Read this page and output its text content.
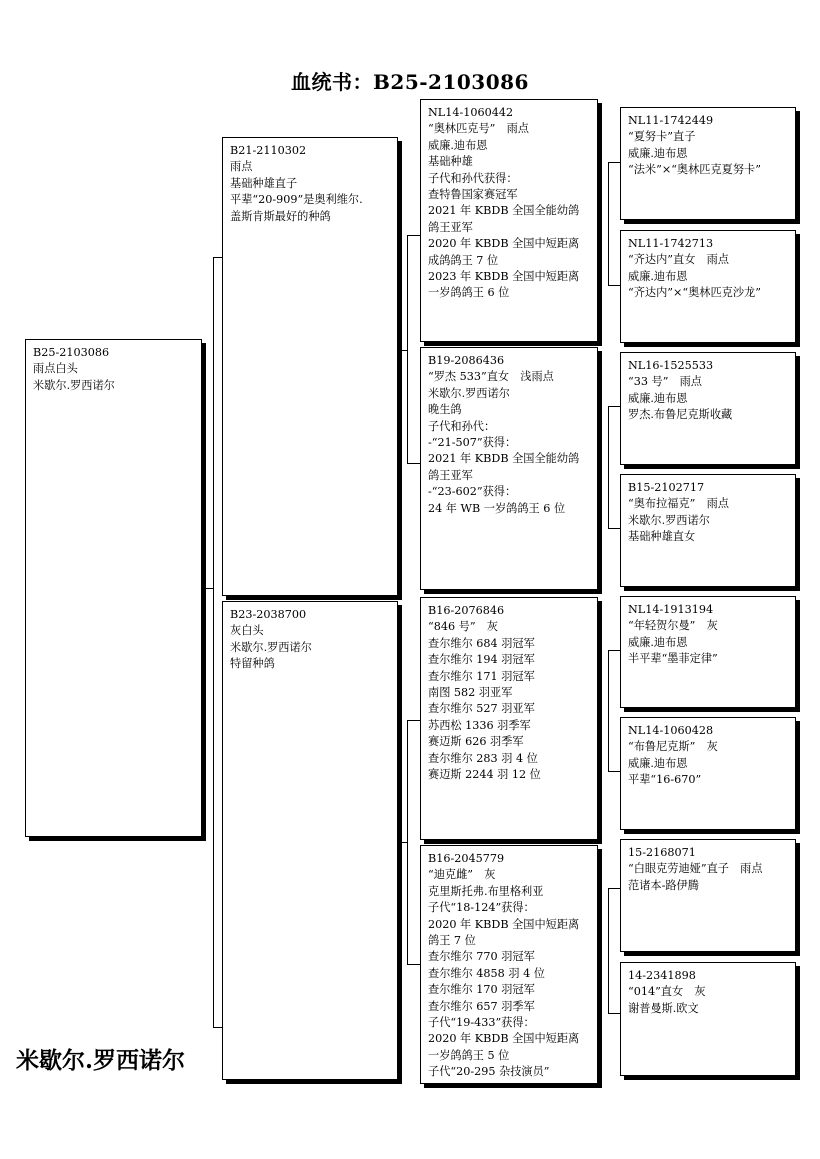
血统书：B25-2103086
B25-2103086
雨点白头
米歇尔.罗西诺尔
B21-2110302
雨点
基础种雄直子
平辈“20-909”是奥利维尔.
盖斯肯斯最好的种鸽
B23-2038700
灰白头
米歇尔.罗西诺尔
特留种鸽
NL14-1060442
“奥林匹克号”　雨点
威廉.迪布恩
基础种雄
子代和孙代获得：
查特鲁国家赛冠军
2021 年 KBDB 全国全能幼鸽
鸽王亚军
2020 年 KBDB 全国中短距离
成鸽鸽王 7 位
2023 年 KBDB 全国中短距离
一岁鸽鸽王 6 位
B19-2086436
“罗杰 533”直女　浅雨点
米歇尔.罗西诺尔
晚生鸽
子代和孙代：
-“21-507”获得：
2021 年 KBDB 全国全能幼鸽
鸽王亚军
-“23-602”获得：
24 年 WB 一岁鸽鸽王 6 位
B16-2076846
“846 号”　灰
查尔维尔 684 羽冠军
查尔维尔 194 羽冠军
查尔维尔 171 羽冠军
南图 582 羽亚军
查尔维尔 527 羽亚军
苏西松 1336 羽季军
赛迈斯 626 羽季军
查尔维尔 283 羽 4 位
赛迈斯 2244 羽 12 位
B16-2045779
“迪克雌”　灰
克里斯托弗.布里格利亚
子代“18-124”获得：
2020 年 KBDB 全国中短距离
鸽王 7 位
查尔维尔 770 羽冠军
查尔维尔 4858 羽 4 位
查尔维尔 170 羽冠军
查尔维尔 657 羽季军
子代“19-433”获得：
2020 年 KBDB 全国中短距离
一岁鸽鸽王 5 位
子代“20-295 杂技演员”
NL11-1742449
“夏努卡”直子
威廉.迪布恩
“法米”×“奥林匹克夏努卡”
NL11-1742713
“齐达内”直女　雨点
威廉.迪布恩
“齐达内”×“奥林匹克沙龙”
NL16-1525533
“33 号”　雨点
威廉.迪布恩
罗杰.布鲁尼克斯收藏
B15-2102717
“奥布拉福克”　雨点
米歇尔.罗西诺尔
基础种雄直女
NL14-1913194
“年轻贺尔曼”　灰
威廉.迪布恩
半平辈“墨菲定律”
NL14-1060428
“布鲁尼克斯”　灰
威廉.迪布恩
平辈“16-670”
15-2168071
“白眼克劳迪娅”直子　雨点
范诸本-路伊腾
14-2341898
“014”直女　灰
谢普曼斯.欧文
米歇尔.罗西诺尔
